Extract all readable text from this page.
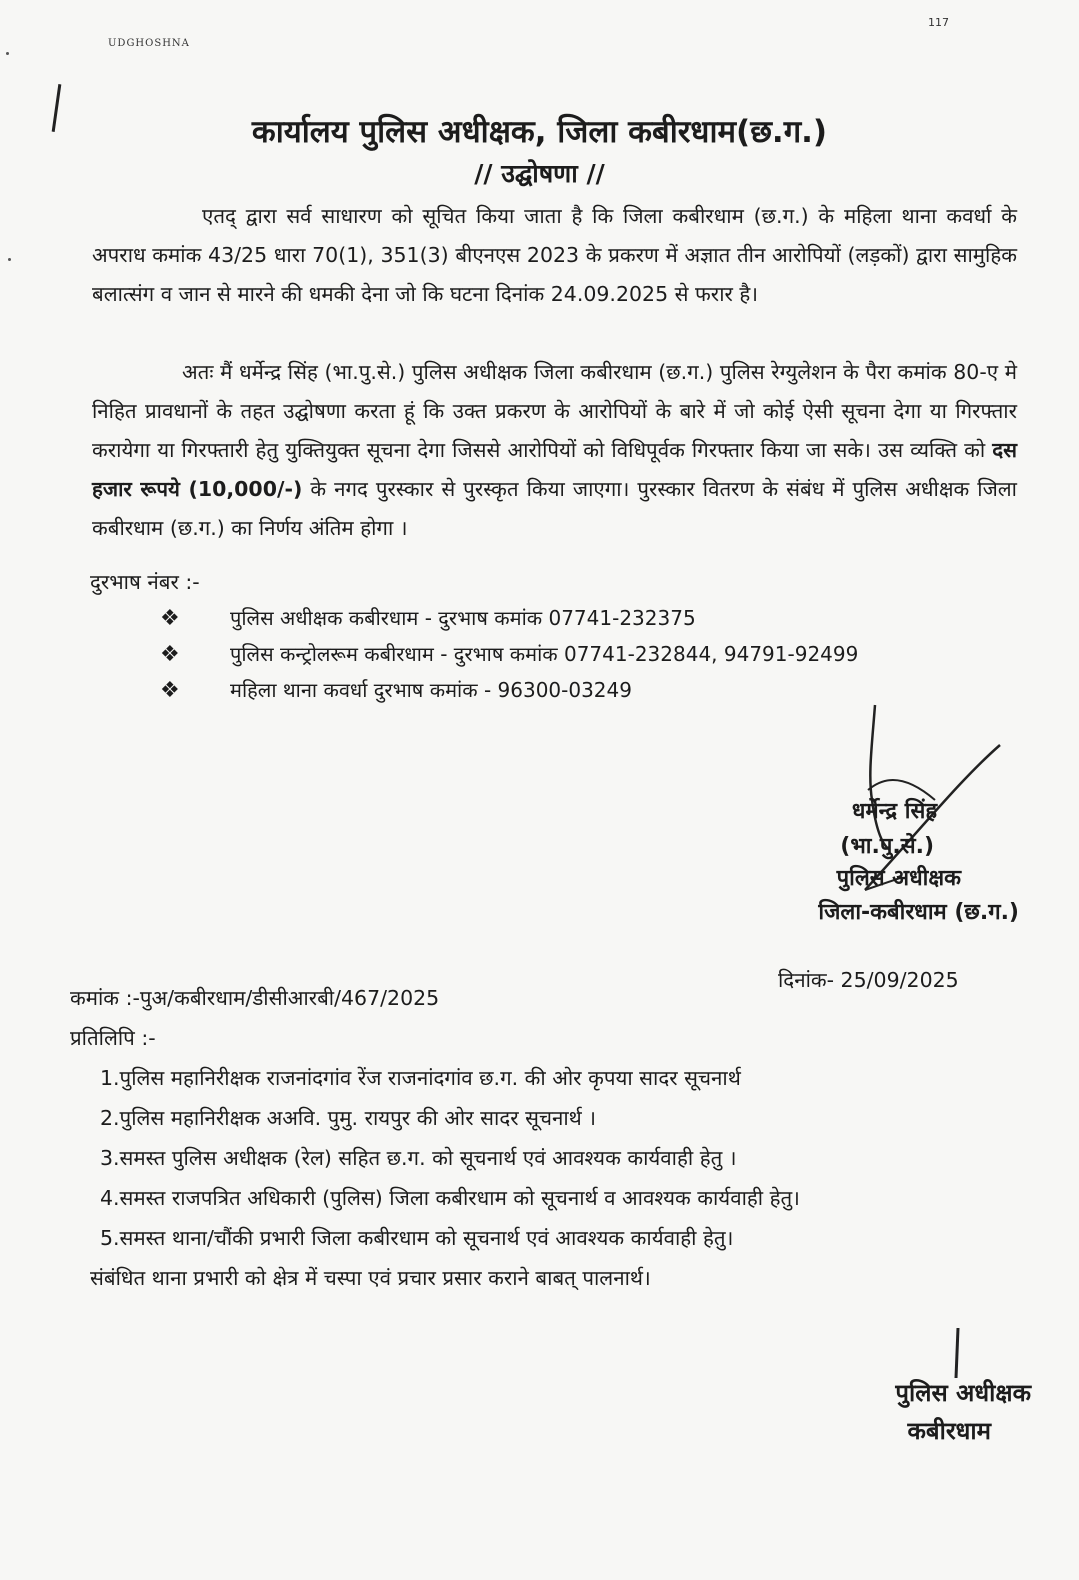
UDGHOSHNA
117
कार्यालय पुलिस अधीक्षक, जिला कबीरधाम(छ.ग.)
// उद्घोषणा //
एतद् द्वारा सर्व साधारण को सूचित किया जाता है कि जिला कबीरधाम (छ.ग.) के महिला थाना कवर्धा के अपराध कमांक 43/25 धारा 70(1), 351(3) बीएनएस 2023 के प्रकरण में अज्ञात तीन आरोपियों (लड़कों) द्वारा सामुहिक बलात्संग व जान से मारने की धमकी देना जो कि घटना दिनांक 24.09.2025 से फरार है।
अतः मैं धर्मेन्द्र सिंह (भा.पु.से.) पुलिस अधीक्षक जिला कबीरधाम (छ.ग.) पुलिस रेग्युलेशन के पैरा कमांक 80-ए मे निहित प्रावधानों के तहत उद्घोषणा करता हूं कि उक्त प्रकरण के आरोपियों के बारे में जो कोई ऐसी सूचना देगा या गिरफ्तार करायेगा या गिरफ्तारी हेतु युक्तियुक्त सूचना देगा जिससे आरोपियों को विधिपूर्वक गिरफ्तार किया जा सके। उस व्यक्ति को दस हजार रूपये (10,000/-) के नगद पुरस्कार से पुरस्कृत किया जाएगा। पुरस्कार वितरण के संबंध में पुलिस अधीक्षक जिला कबीरधाम (छ.ग.) का निर्णय अंतिम होगा ।
दुरभाष नंबर :-
❖	पुलिस अधीक्षक कबीरधाम - दुरभाष कमांक 07741-232375
❖	पुलिस कन्ट्रोलरूम कबीरधाम - दुरभाष कमांक 07741-232844, 94791-92499
❖	महिला थाना कवर्धा दुरभाष कमांक - 96300-03249
धर्मेन्द्र सिंह
(भा.पु.से.)
पुलिस अधीक्षक
जिला-कबीरधाम (छ.ग.)
कमांक :-पुअ/कबीरधाम/डीसीआरबी/467/2025
दिनांक- 25/09/2025
प्रतिलिपि :-
1.पुलिस महानिरीक्षक राजनांदगांव रेंज राजनांदगांव छ.ग. की ओर कृपया सादर सूचनार्थ
2.पुलिस महानिरीक्षक अअवि. पुमु. रायपुर की ओर सादर सूचनार्थ ।
3.समस्त पुलिस अधीक्षक (रेल) सहित छ.ग. को सूचनार्थ एवं आवश्यक कार्यवाही हेतु ।
4.समस्त राजपत्रित अधिकारी (पुलिस) जिला कबीरधाम को सूचनार्थ व आवश्यक कार्यवाही हेतु।
5.समस्त थाना/चौंकी प्रभारी जिला कबीरधाम को सूचनार्थ एवं आवश्यक कार्यवाही हेतु।
संबंधित थाना प्रभारी को क्षेत्र में चस्पा एवं प्रचार प्रसार कराने बाबत् पालनार्थ।
पुलिस अधीक्षक
कबीरधाम
